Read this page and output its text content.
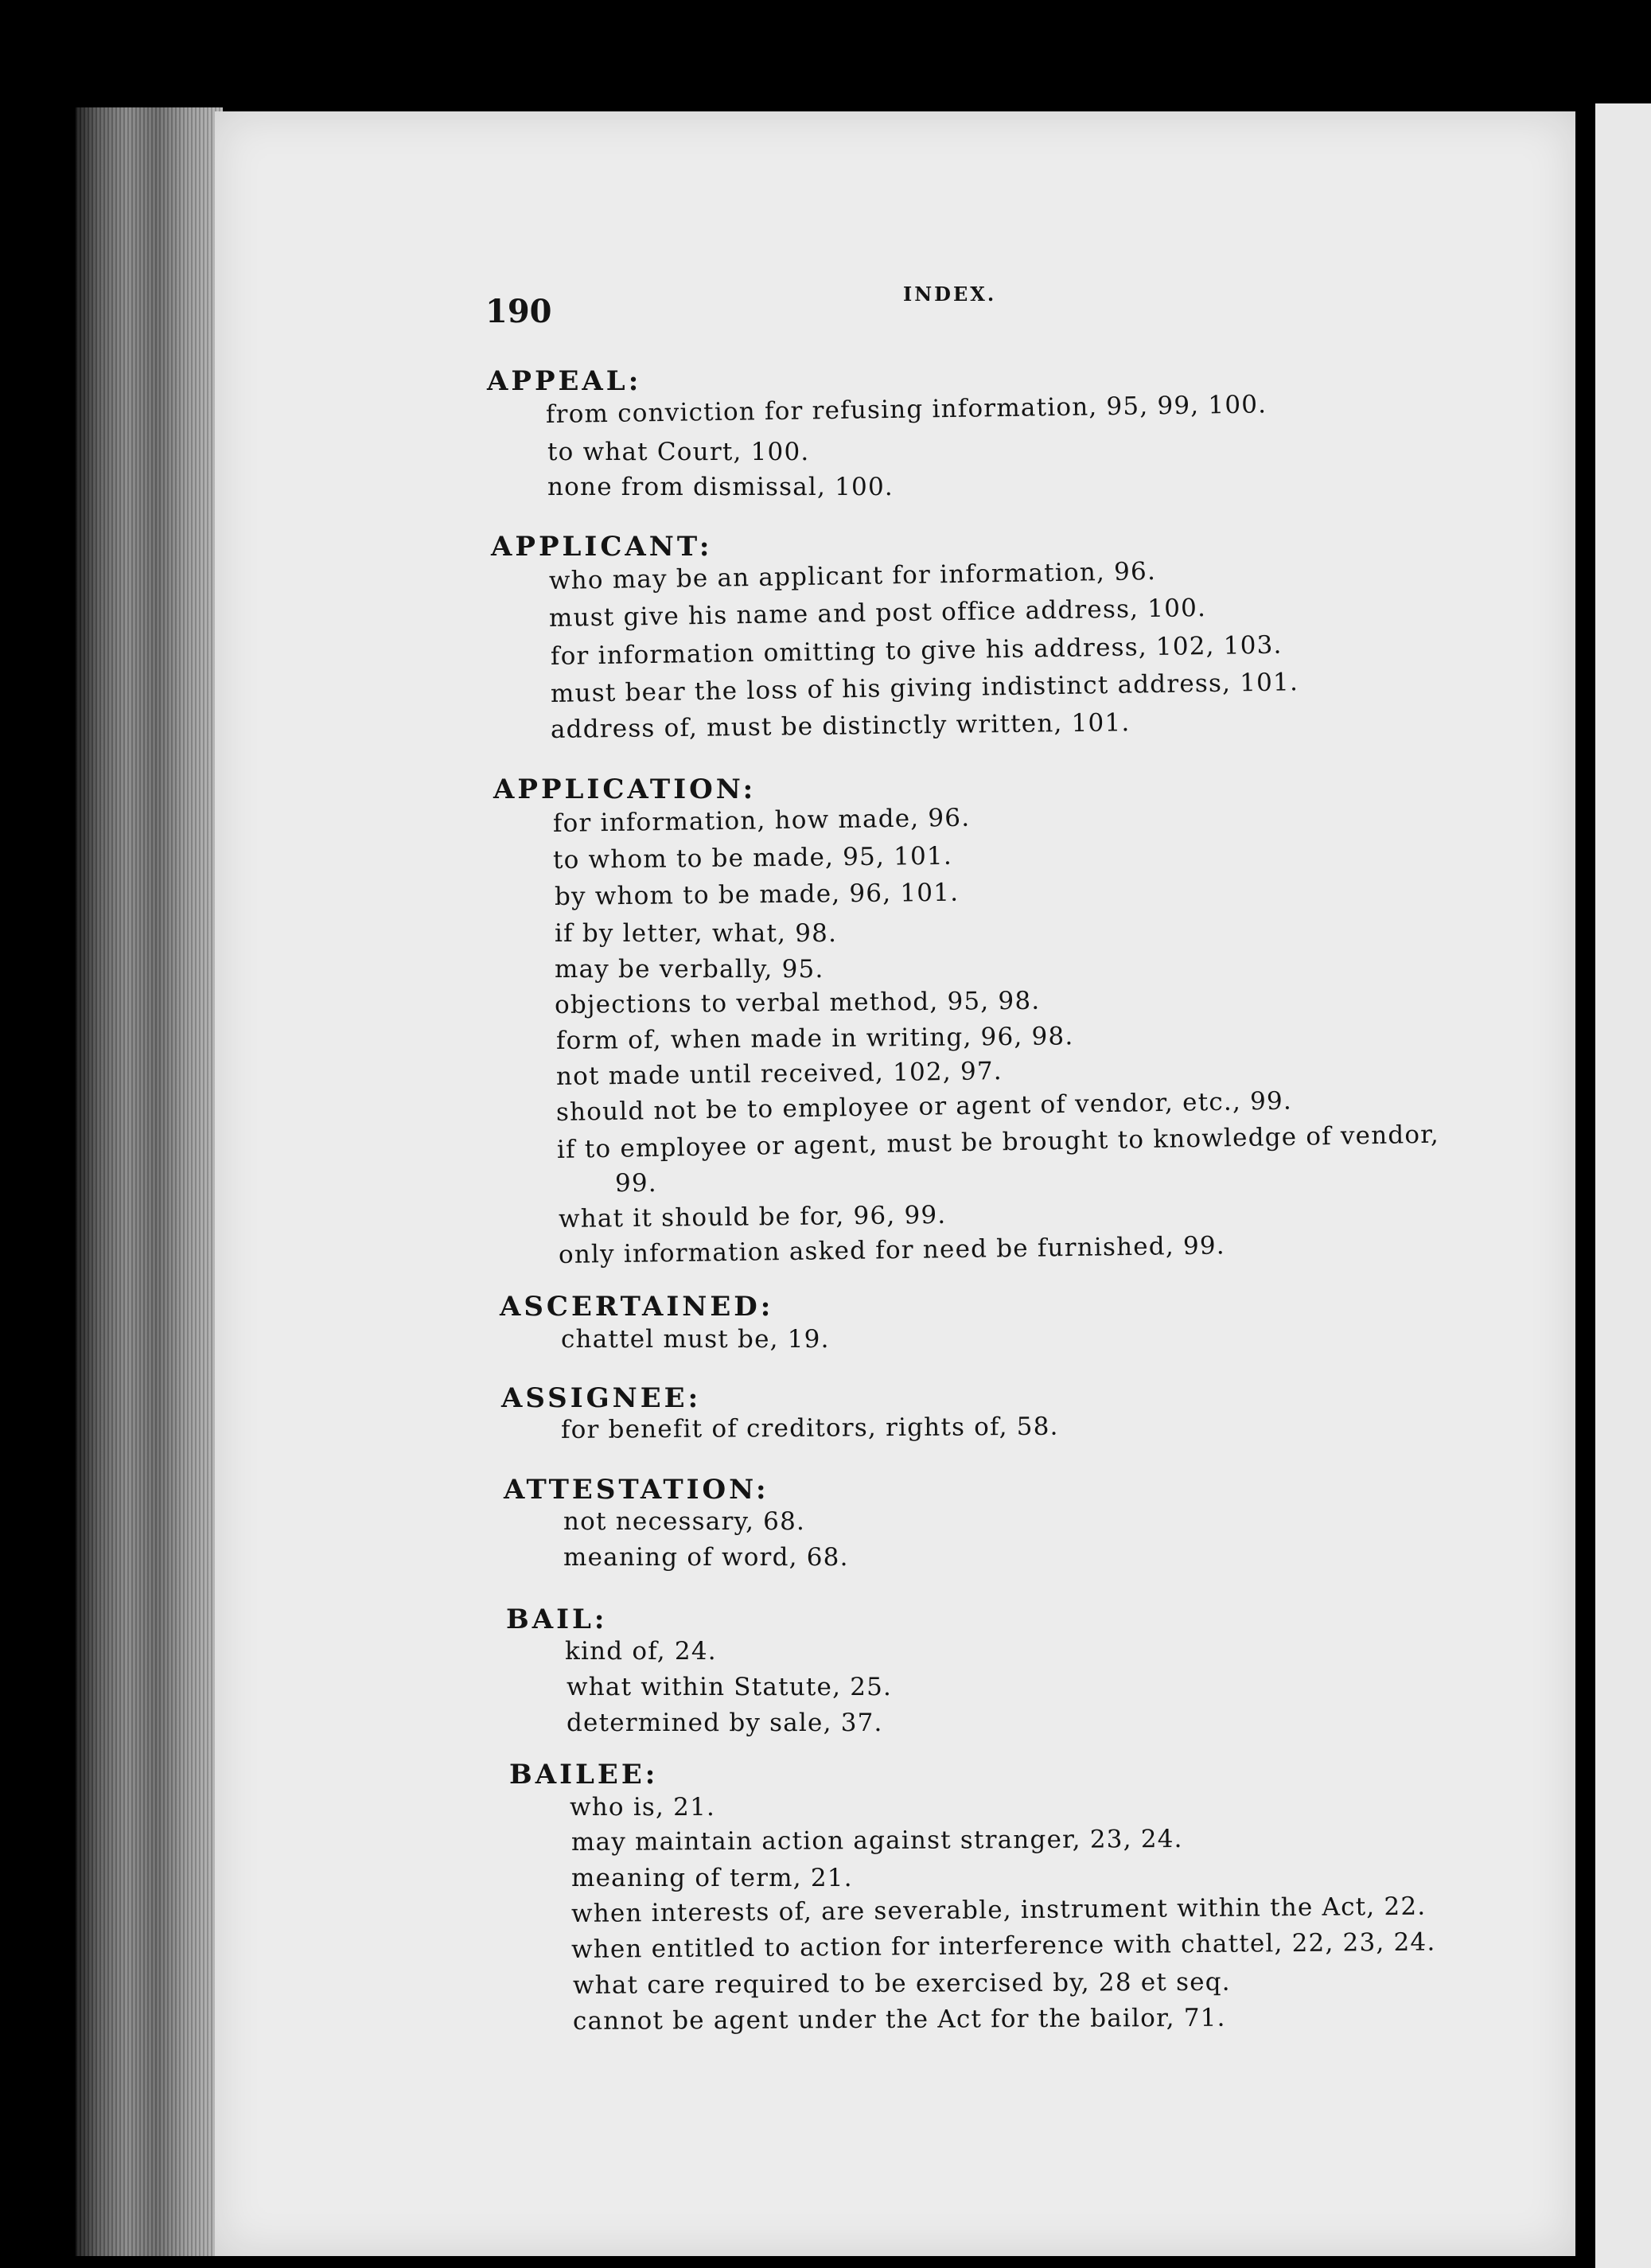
190	INDEX.
APPEAL:
from conviction for refusing information, 95, 99, 100.
to what Court, 100.
none from dismissal, 100.
APPLICANT:
who may be an applicant for information, 96.
must give his name and post office address, 100.
for information omitting to give his address, 102, 103.
must bear the loss of his giving indistinct address, 101.
address of, must be distinctly written, 101.
APPLICATION:
for information, how made, 96.
to whom to be made, 95, 101.
by whom to be made, 96, 101.
if by letter, what, 98.
may be verbally, 95.
objections to verbal method, 95, 98.
form of, when made in writing, 96, 98.
not made until received, 102, 97.
should not be to employee or agent of vendor, etc., 99.
if to employee or agent, must be brought to knowledge of vendor,
99.
what it should be for, 96, 99.
only information asked for need be furnished, 99.
ASCERTAINED:
chattel must be, 19.
ASSIGNEE:
for benefit of creditors, rights of, 58.
ATTESTATION:
not necessary, 68.
meaning of word, 68.
BAIL:
kind of, 24.
what within Statute, 25.
determined by sale, 37.
BAILEE:
who is, 21.
may maintain action against stranger, 23, 24.
meaning of term, 21.
when interests of, are severable, instrument within the Act, 22.
when entitled to action for interference with chattel, 22, 23, 24.
what care required to be exercised by, 28 et seq.
cannot be agent under the Act for the bailor, 71.
